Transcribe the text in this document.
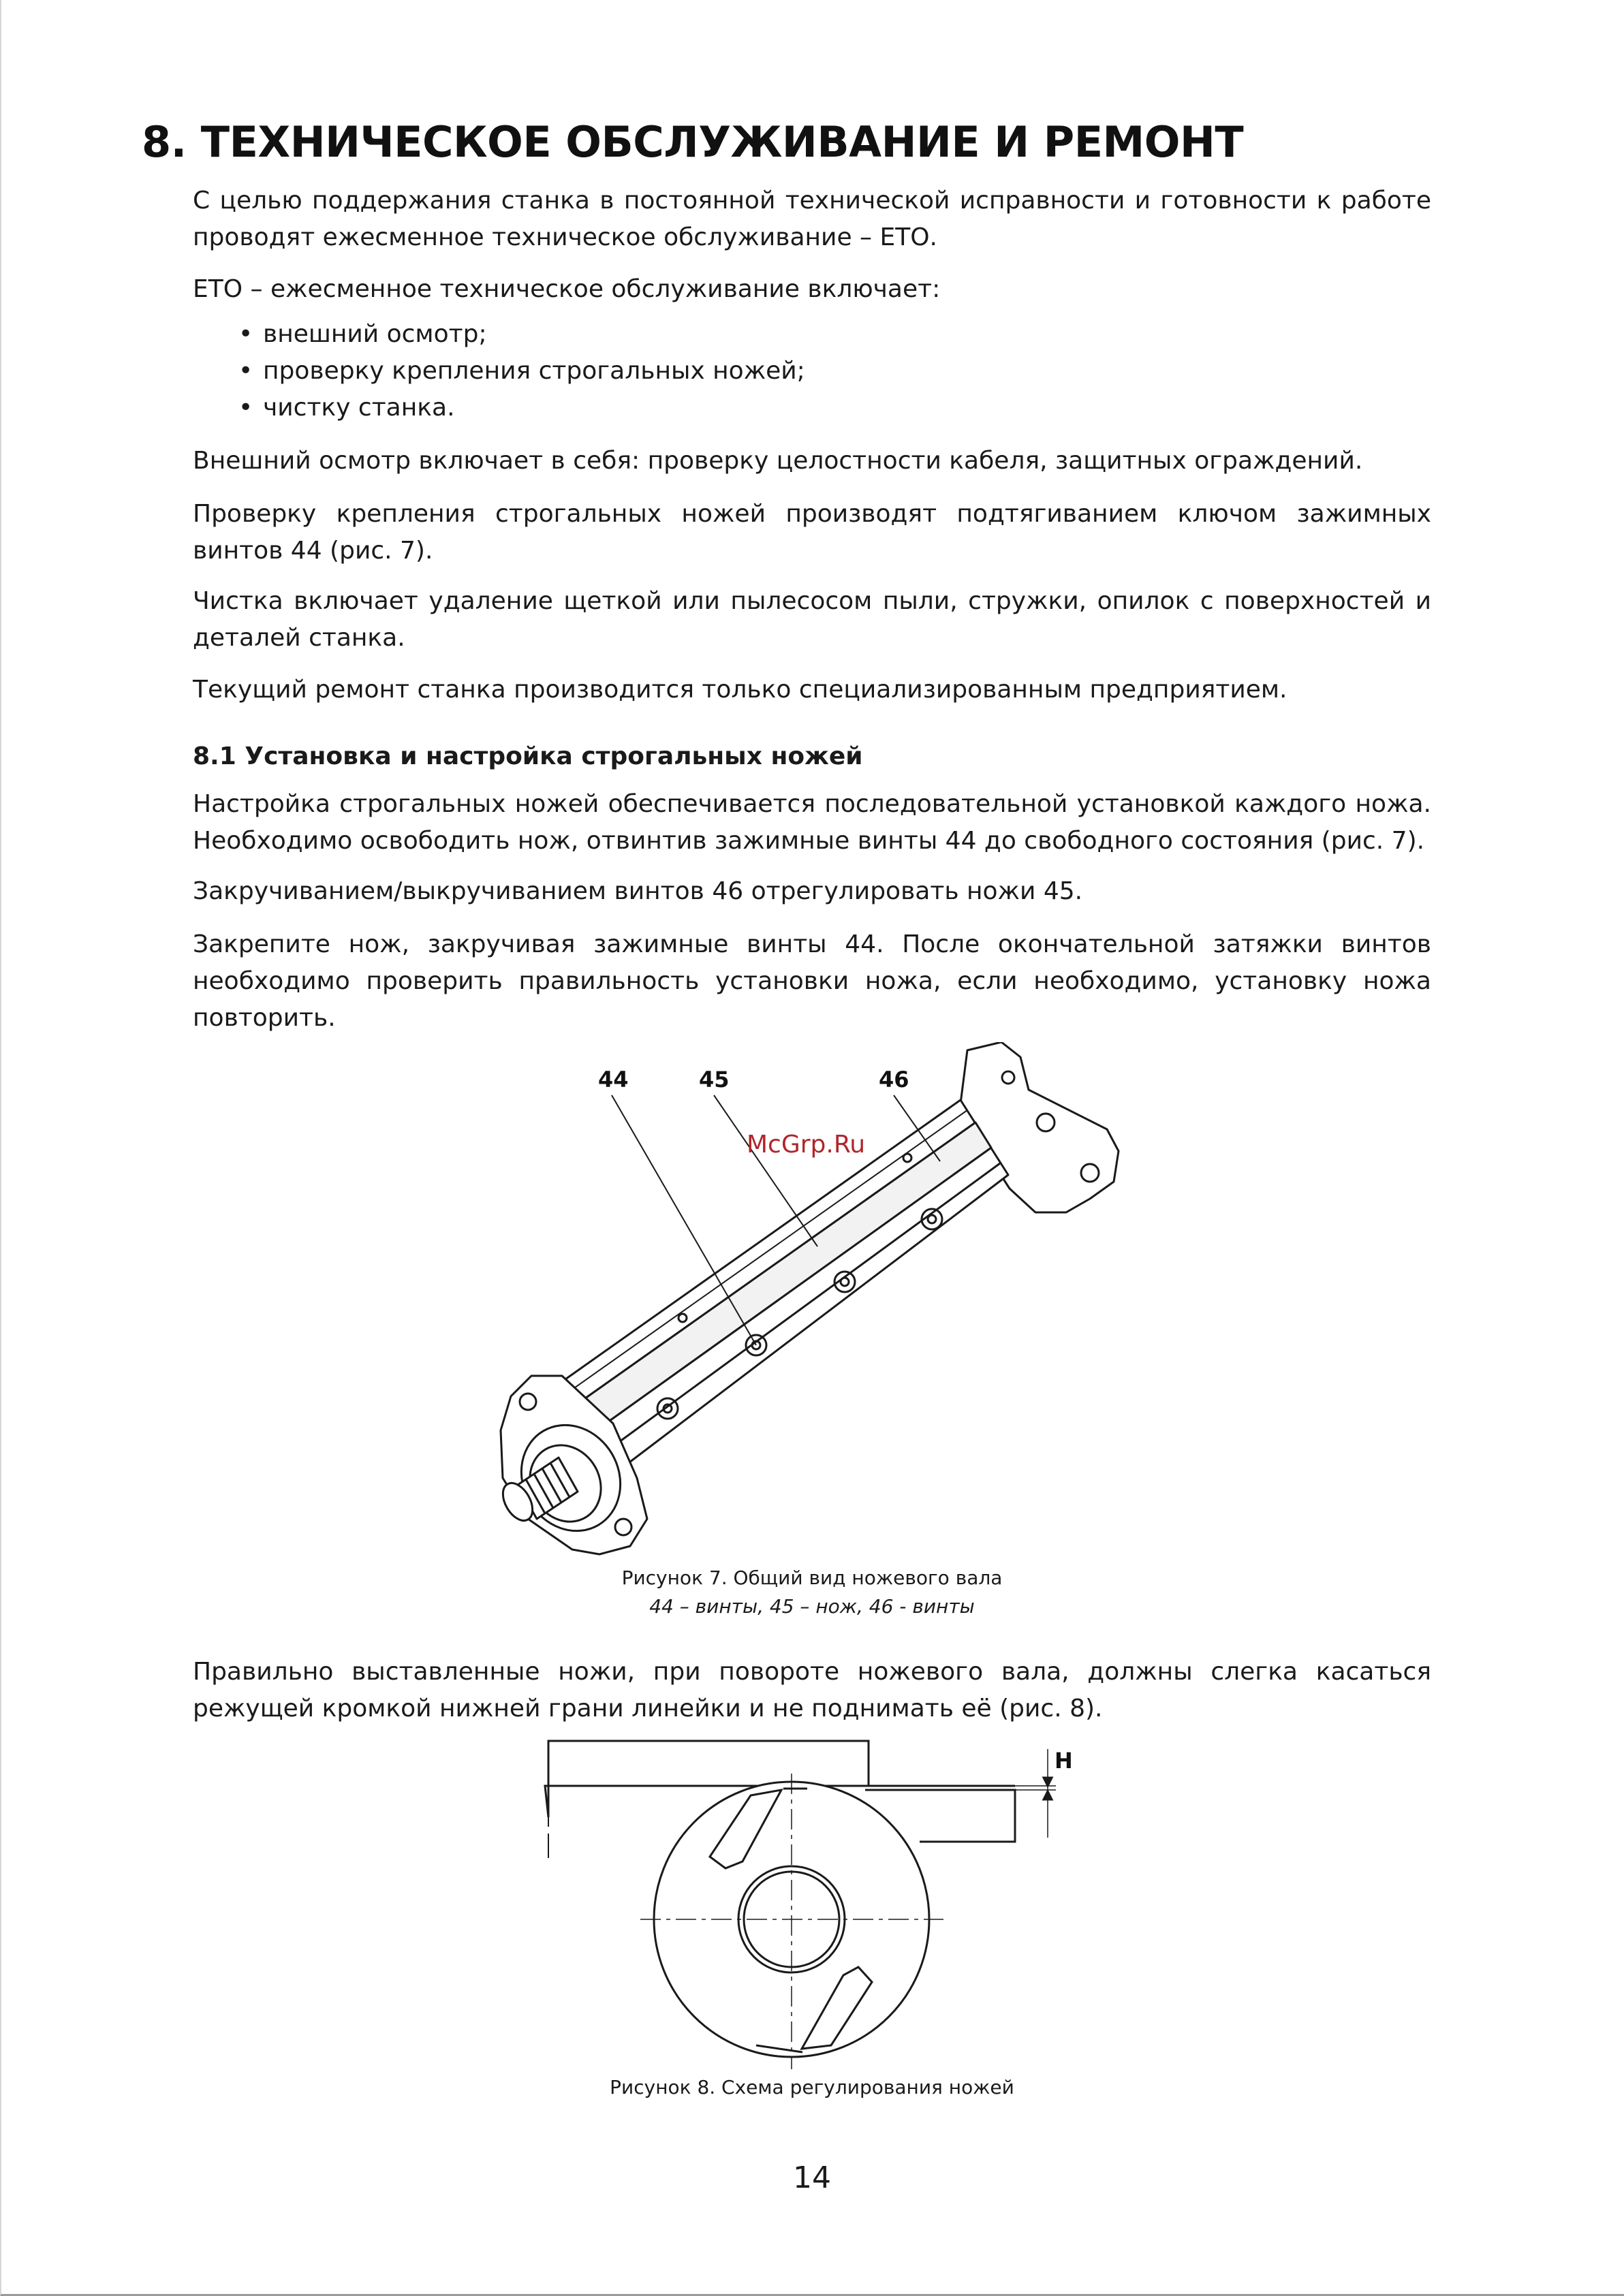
8. ТЕХНИЧЕСКОЕ ОБСЛУЖИВАНИЕ И РЕМОНТ

С целью поддержания станка в постоянной технической исправности и готовности к работе проводят ежесменное техническое обслуживание – ЕТО.

ЕТО – ежесменное техническое обслуживание включает:

• внешний осмотр;
• проверку крепления строгальных ножей;
• чистку станка.

Внешний осмотр включает в себя: проверку целостности кабеля, защитных ограждений.

Проверку крепления строгальных ножей производят подтягиванием ключом зажимных винтов 44 (рис. 7).

Чистка включает удаление щеткой или пылесосом пыли, стружки, опилок с поверхностей и деталей станка.

Текущий ремонт станка производится только специализированным предприятием.

8.1 Установка и настройка строгальных ножей

Настройка строгальных ножей обеспечивается последовательной установкой каждого ножа. Необходимо освободить нож, отвинтив зажимные винты 44 до свободного состояния (рис. 7).

Закручиванием/выкручиванием винтов 46 отрегулировать ножи 45.

Закрепите нож, закручивая зажимные винты 44. После окончательной затяжки винтов необходимо проверить правильность установки ножа, если необходимо, установку ножа повторить.

44	45	46

McGrp.Ru

Рисунок 7. Общий вид ножевого вала

44 – винты, 45 – нож, 46 - винты

Правильно выставленные ножи, при повороте ножевого вала, должны слегка касаться режущей кромкой нижней грани линейки и не поднимать её (рис. 8).

H

Рисунок 8. Схема регулирования ножей

14
